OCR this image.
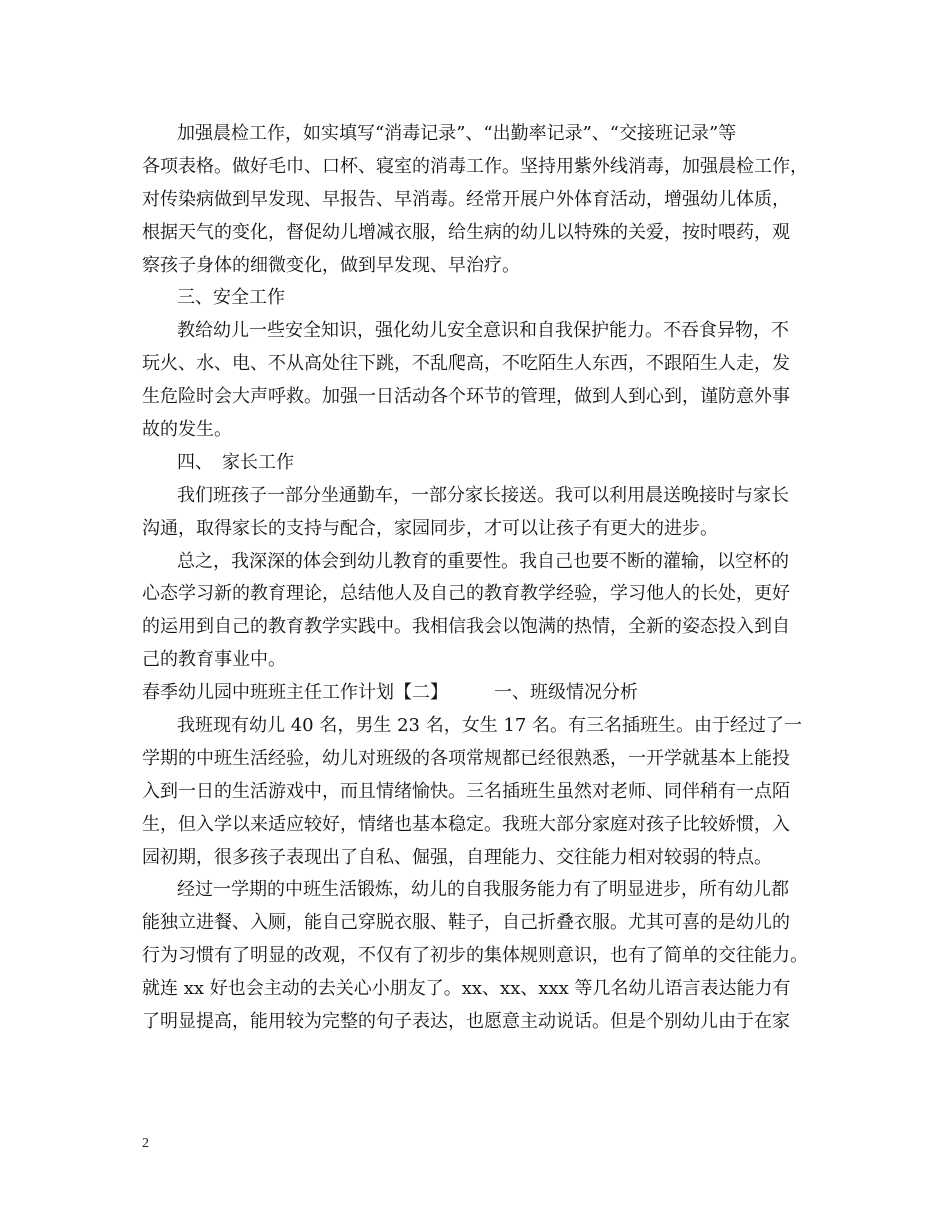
加强晨检工作，如实填写“消毒记录”、“出勤率记录”、“交接班记录”等
各项表格。做好毛巾、口杯、寝室的消毒工作。坚持用紫外线消毒，加强晨检工作，
对传染病做到早发现、早报告、早消毒。经常开展户外体育活动，增强幼儿体质，
根据天气的变化，督促幼儿增减衣服，给生病的幼儿以特殊的关爱，按时喂药，观
察孩子身体的细微变化，做到早发现、早治疗。
三、安全工作
教给幼儿一些安全知识，强化幼儿安全意识和自我保护能力。不吞食异物，不
玩火、水、电、不从高处往下跳，不乱爬高，不吃陌生人东西，不跟陌生人走，发
生危险时会大声呼救。加强一日活动各个环节的管理，做到人到心到，谨防意外事
故的发生。
四、　家长工作
我们班孩子一部分坐通勤车，一部分家长接送。我可以利用晨送晚接时与家长
沟通，取得家长的支持与配合，家园同步，才可以让孩子有更大的进步。
总之，我深深的体会到幼儿教育的重要性。我自己也要不断的灌输，以空杯的
心态学习新的教育理论，总结他人及自己的教育教学经验，学习他人的长处，更好
的运用到自己的教育教学实践中。我相信我会以饱满的热情，全新的姿态投入到自
己的教育事业中。
春季幼儿园中班班主任工作计划【二】	一、班级情况分析
我班现有幼儿 40 名，男生 23 名，女生 17 名。有三名插班生。由于经过了一
学期的中班生活经验，幼儿对班级的各项常规都已经很熟悉，一开学就基本上能投
入到一日的生活游戏中，而且情绪愉快。三名插班生虽然对老师、同伴稍有一点陌
生，但入学以来适应较好，情绪也基本稳定。我班大部分家庭对孩子比较娇惯，入
园初期，很多孩子表现出了自私、倔强，自理能力、交往能力相对较弱的特点。
经过一学期的中班生活锻炼，幼儿的自我服务能力有了明显进步，所有幼儿都
能独立进餐、入厕，能自己穿脱衣服、鞋子，自己折叠衣服。尤其可喜的是幼儿的
行为习惯有了明显的改观，不仅有了初步的集体规则意识，也有了简单的交往能力。
就连 xx 好也会主动的去关心小朋友了。xx、xx、xxx 等几名幼儿语言表达能力有
了明显提高，能用较为完整的句子表达，也愿意主动说话。但是个别幼儿由于在家
2
